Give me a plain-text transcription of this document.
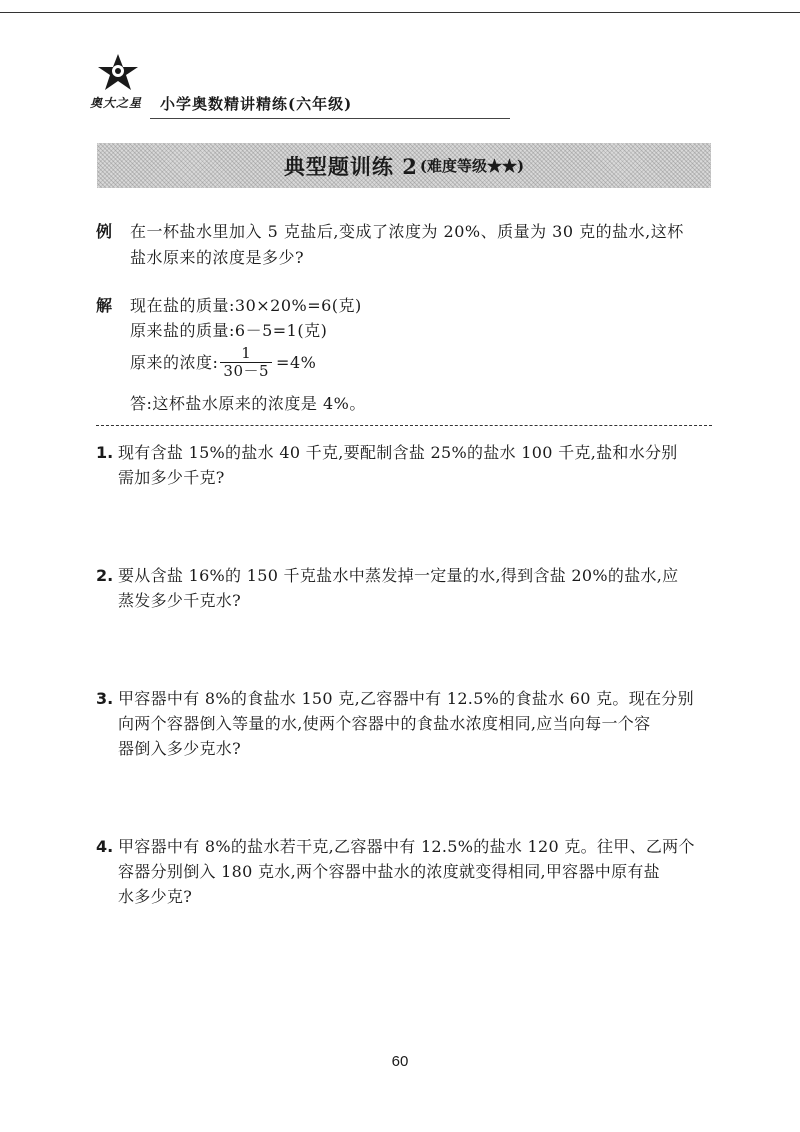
奥大之星 小学奥数精讲精练(六年级)
典型题训练 2 (难度等级★★)
例 在一杯盐水里加入 5 克盐后,变成了浓度为 20%、质量为 30 克的盐水,这杯
盐水原来的浓度是多少?
解 现在盐的质量:30×20%=6(克)
原来盐的质量:6－5=1(克)
原来的浓度: $\frac{1}{30-5} =4\%$
答:这杯盐水原来的浓度是 4%。
1. 现有含盐 15%的盐水 40 千克,要配制含盐 25%的盐水 100 千克,盐和水分别
需加多少千克?
2. 要从含盐 16%的 150 千克盐水中蒸发掉一定量的水,得到含盐 20%的盐水,应
蒸发多少千克水?
3. 甲容器中有 8%的食盐水 150 克,乙容器中有 12.5%的食盐水 60 克。现在分别
向两个容器倒入等量的水,使两个容器中的食盐水浓度相同,应当向每一个容
器倒入多少克水?
4. 甲容器中有 8%的盐水若干克,乙容器中有 12.5%的盐水 120 克。往甲、乙两个
容器分别倒入 180 克水,两个容器中盐水的浓度就变得相同,甲容器中原有盐
水多少克?
60
